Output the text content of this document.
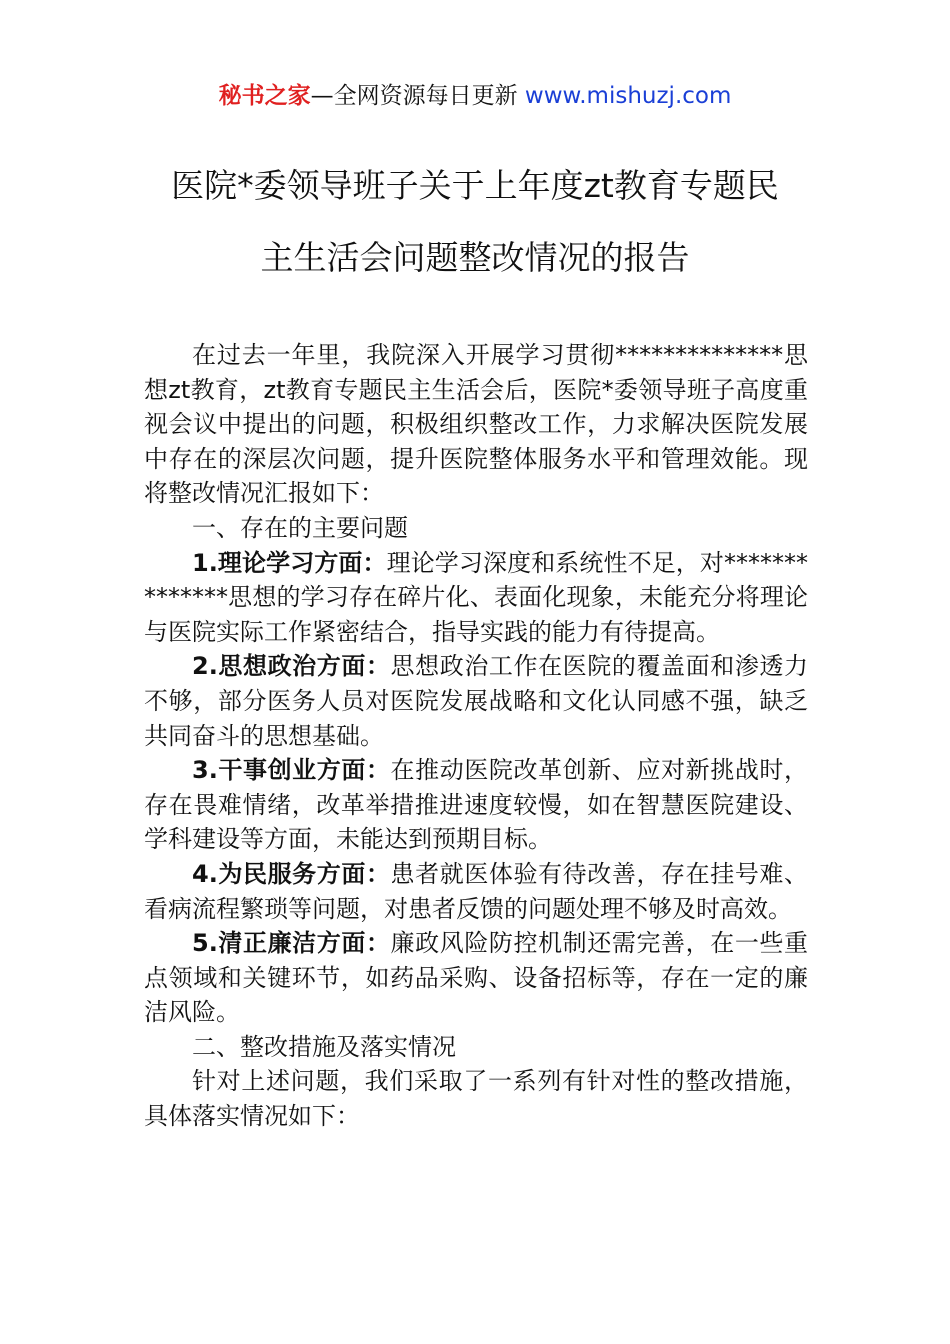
秘书之家—全网资源每日更新 www.mishuzj.com
医院*委领导班子关于上年度zt教育专题民
主生活会问题整改情况的报告

在过去一年里，我院深入开展学习贯彻**************思想zt教育，zt教育专题民主生活会后，医院*委领导班子高度重视会议中提出的问题，积极组织整改工作，力求解决医院发展中存在的深层次问题，提升医院整体服务水平和管理效能。现将整改情况汇报如下：

一、存在的主要问题

1.理论学习方面：理论学习深度和系统性不足，对**************思想的学习存在碎片化、表面化现象，未能充分将理论与医院实际工作紧密结合，指导实践的能力有待提高。

2.思想政治方面：思想政治工作在医院的覆盖面和渗透力不够，部分医务人员对医院发展战略和文化认同感不强，缺乏共同奋斗的思想基础。

3.干事创业方面：在推动医院改革创新、应对新挑战时，存在畏难情绪，改革举措推进速度较慢，如在智慧医院建设、学科建设等方面，未能达到预期目标。

4.为民服务方面：患者就医体验有待改善，存在挂号难、看病流程繁琐等问题，对患者反馈的问题处理不够及时高效。

5.清正廉洁方面：廉政风险防控机制还需完善，在一些重点领域和关键环节，如药品采购、设备招标等，存在一定的廉洁风险。

二、整改措施及落实情况

针对上述问题，我们采取了一系列有针对性的整改措施，具体落实情况如下：
